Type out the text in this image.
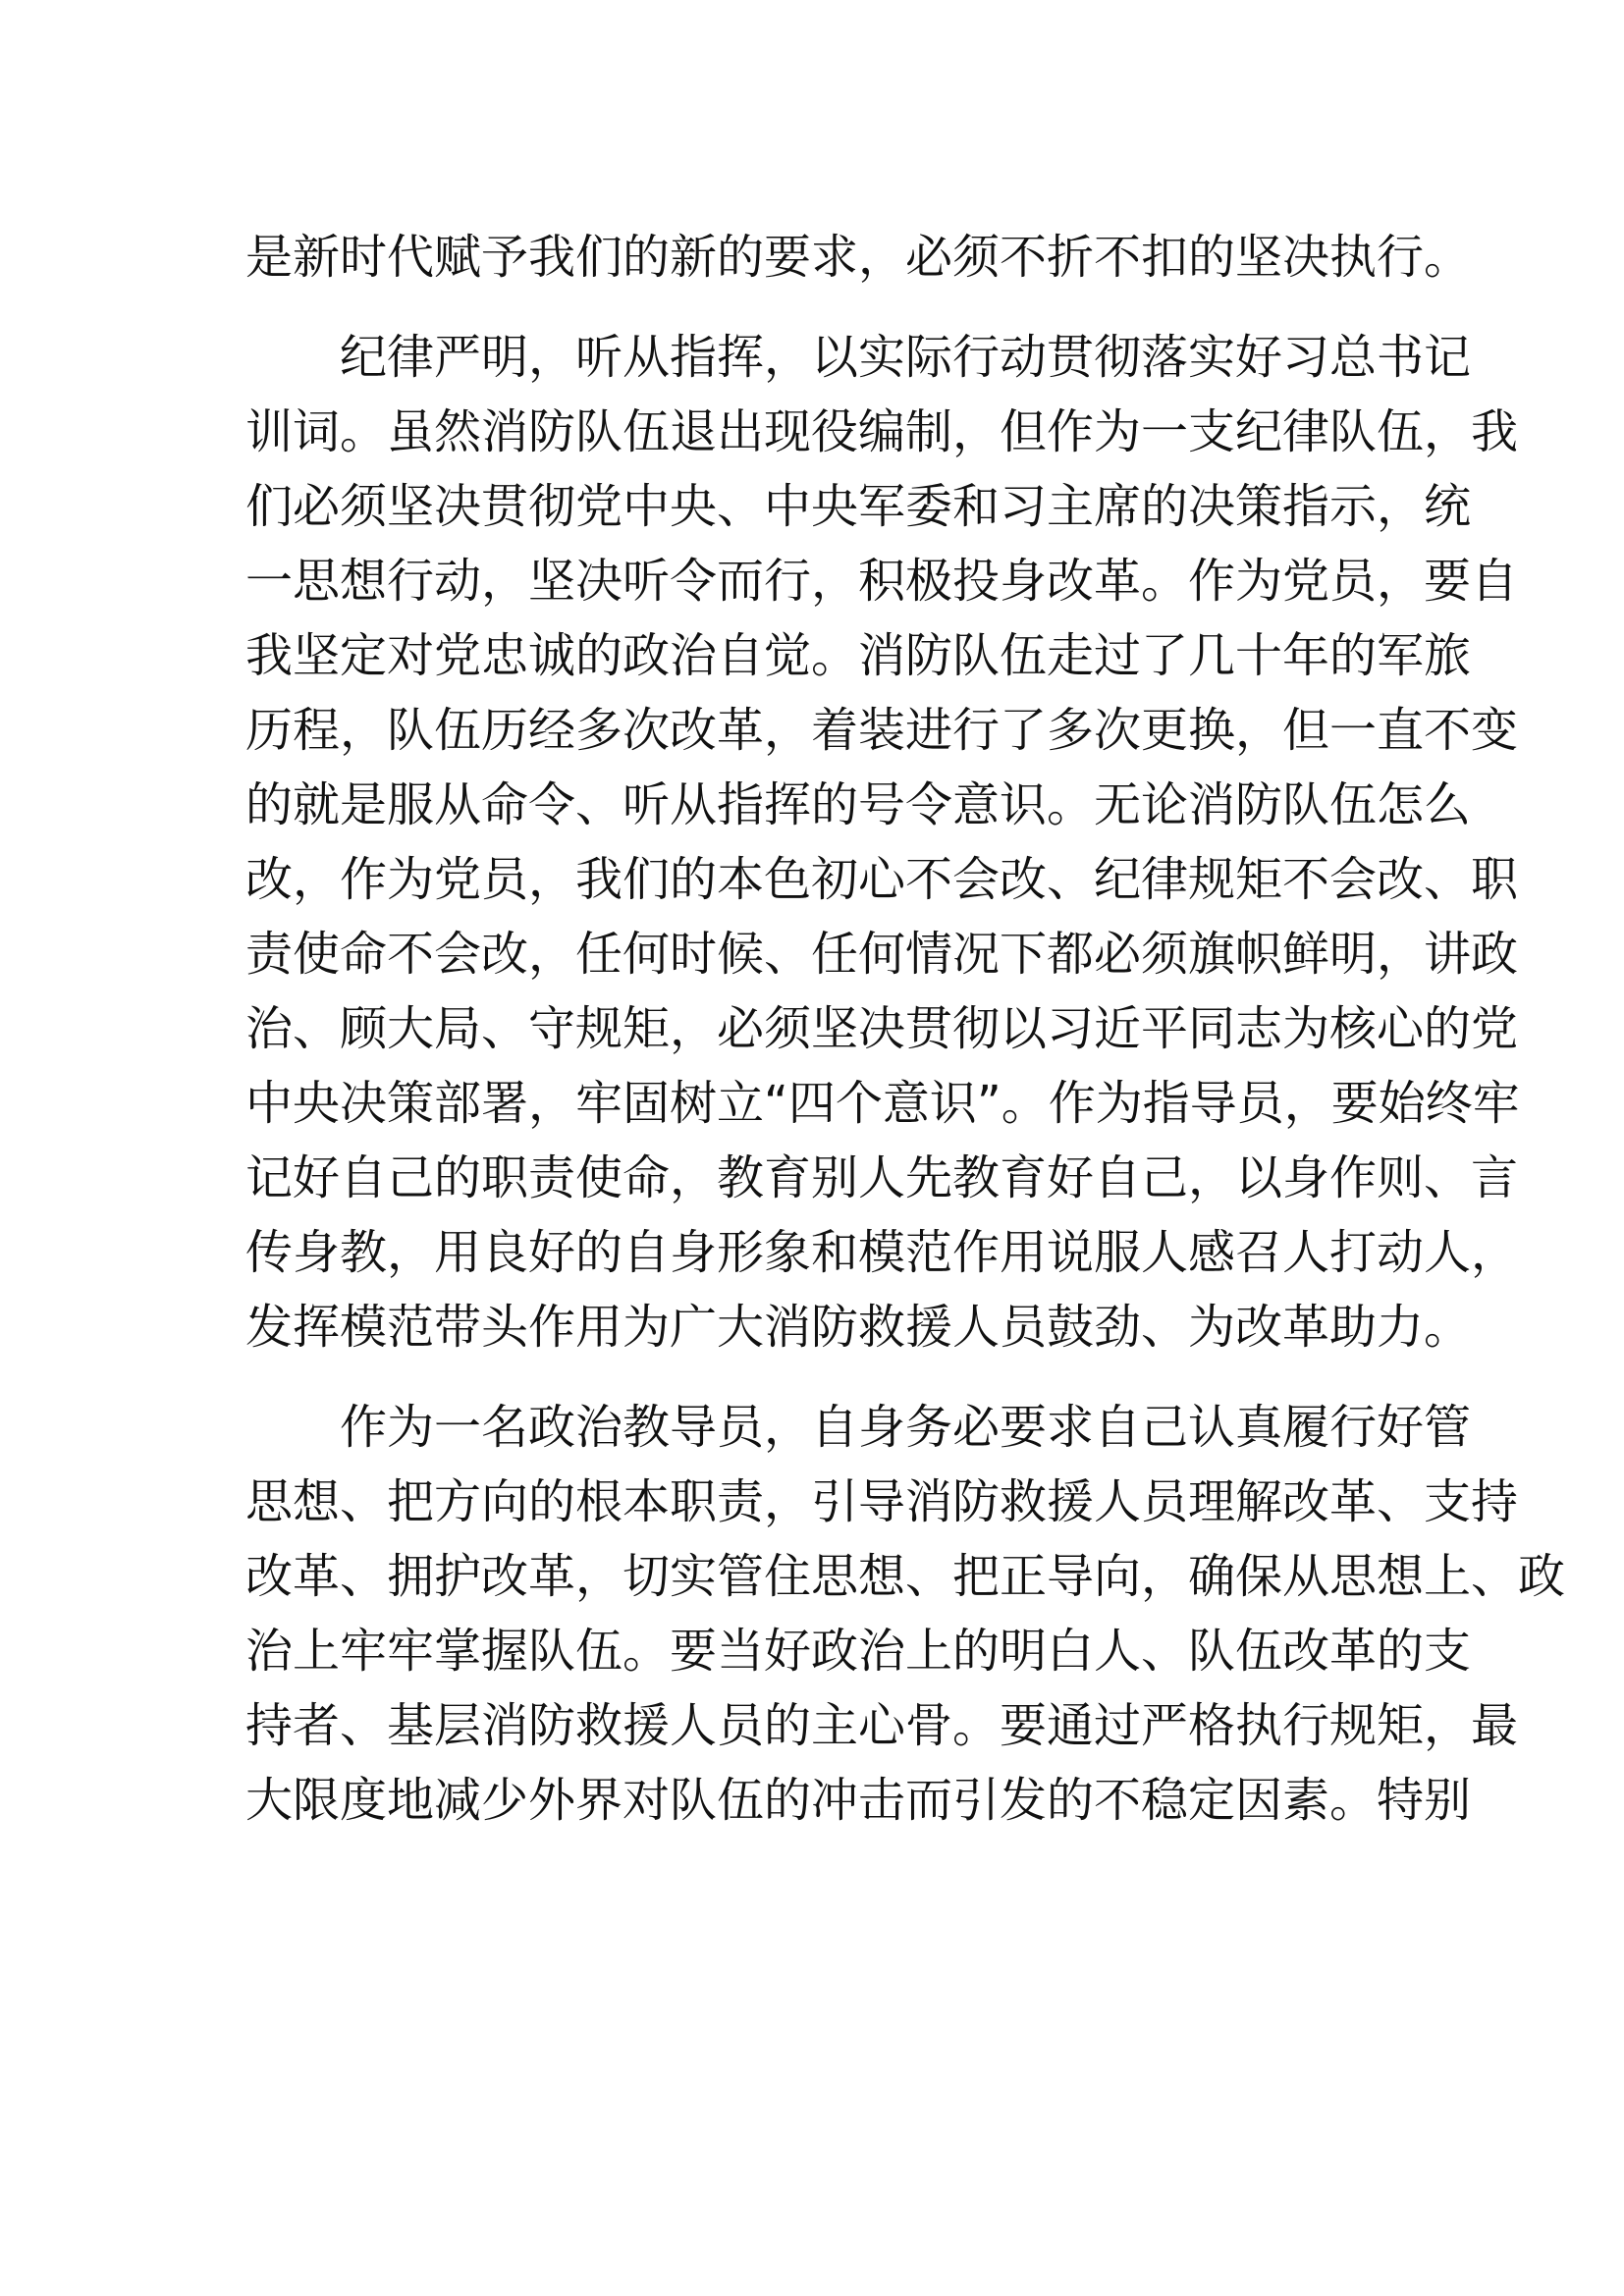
是新时代赋予我们的新的要求，必须不折不扣的坚决执行。
纪律严明，听从指挥，以实际行动贯彻落实好习总书记
训词。虽然消防队伍退出现役编制，但作为一支纪律队伍，我
们必须坚决贯彻党中央、中央军委和习主席的决策指示，统
一思想行动，坚决听令而行，积极投身改革。作为党员，要自
我坚定对党忠诚的政治自觉。消防队伍走过了几十年的军旅
历程，队伍历经多次改革，着装进行了多次更换，但一直不变
的就是服从命令、听从指挥的号令意识。无论消防队伍怎么
改，作为党员，我们的本色初心不会改、纪律规矩不会改、职
责使命不会改，任何时候、任何情况下都必须旗帜鲜明，讲政
治、顾大局、守规矩，必须坚决贯彻以习近平同志为核心的党
中央决策部署，牢固树立“四个意识”。作为指导员，要始终牢
记好自己的职责使命，教育别人先教育好自己，以身作则、言
传身教，用良好的自身形象和模范作用说服人感召人打动人，
发挥模范带头作用为广大消防救援人员鼓劲、为改革助力。
作为一名政治教导员，自身务必要求自己认真履行好管
思想、把方向的根本职责，引导消防救援人员理解改革、支持
改革、拥护改革，切实管住思想、把正导向，确保从思想上、政
治上牢牢掌握队伍。要当好政治上的明白人、队伍改革的支
持者、基层消防救援人员的主心骨。要通过严格执行规矩，最
大限度地减少外界对队伍的冲击而引发的不稳定因素。特别
